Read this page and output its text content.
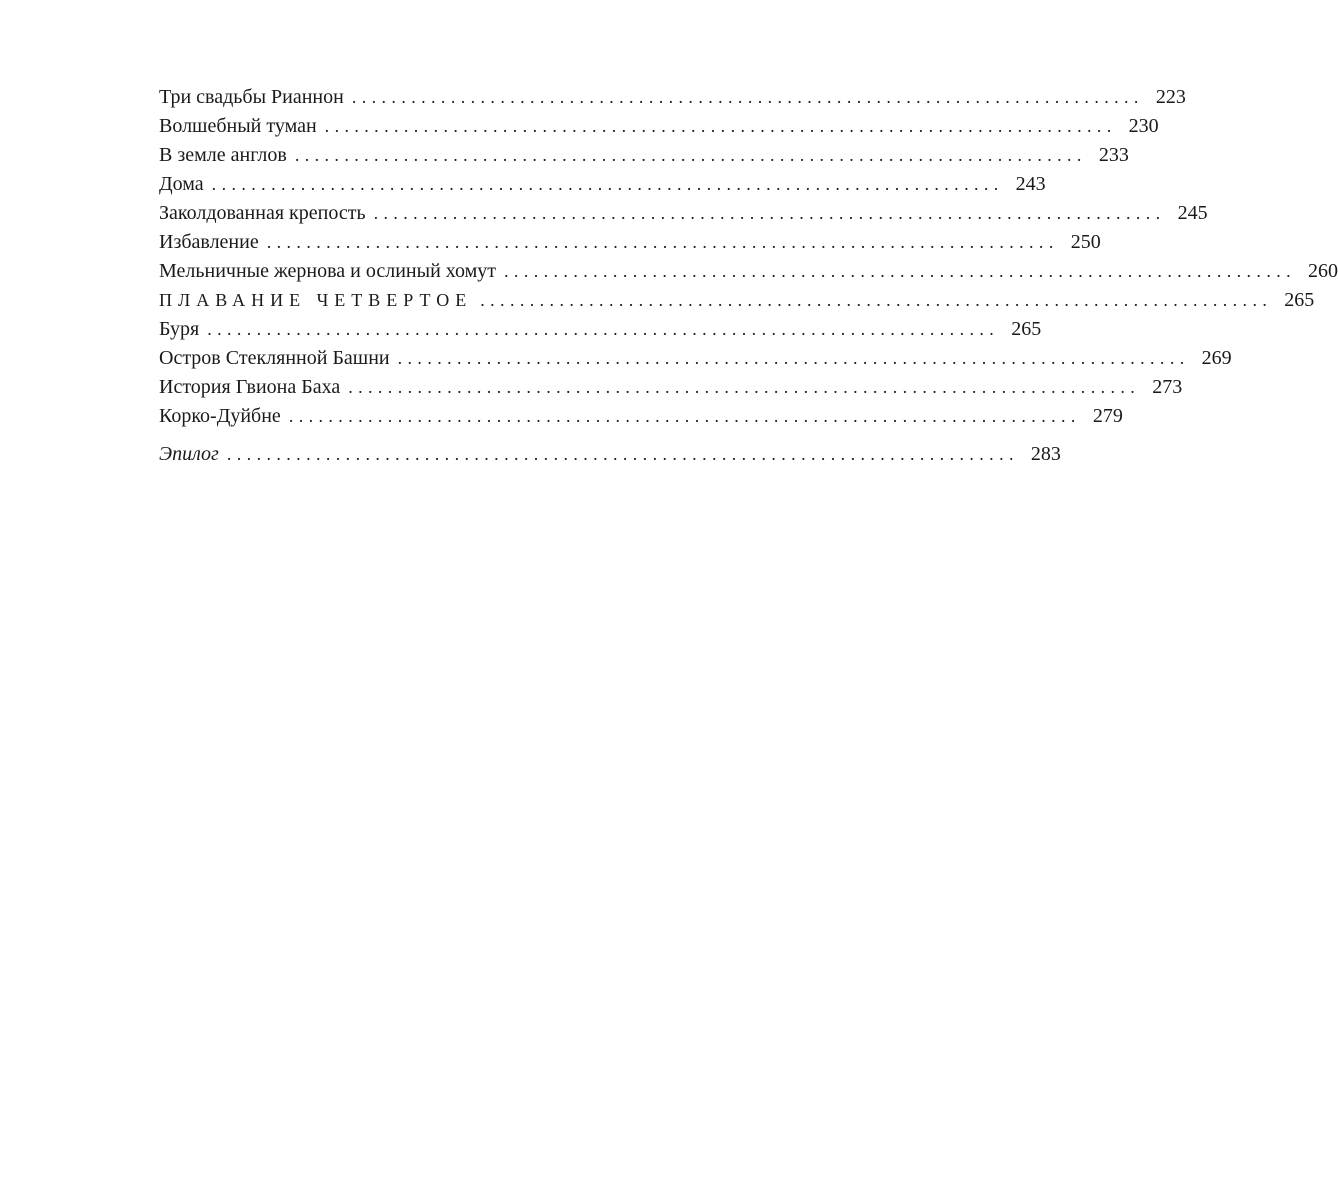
Три свадьбы Рианнон ................................................................................ 223
Волшебный туман ................................................................................ 230
В земле англов ................................................................................ 233
Дома ................................................................................ 243
Заколдованная крепость ................................................................................ 245
Избавление ................................................................................ 250
Мельничные жернова и ослиный хомут ................................................................................ 260
ПЛАВАНИЕ ЧЕТВЕРТОЕ ................................................................................ 265
Буря ................................................................................ 265
Остров Стеклянной Башни ................................................................................ 269
История Гвиона Баха ................................................................................ 273
Корко-Дуйбне ................................................................................ 279
Эпилог ................................................................................ 283
